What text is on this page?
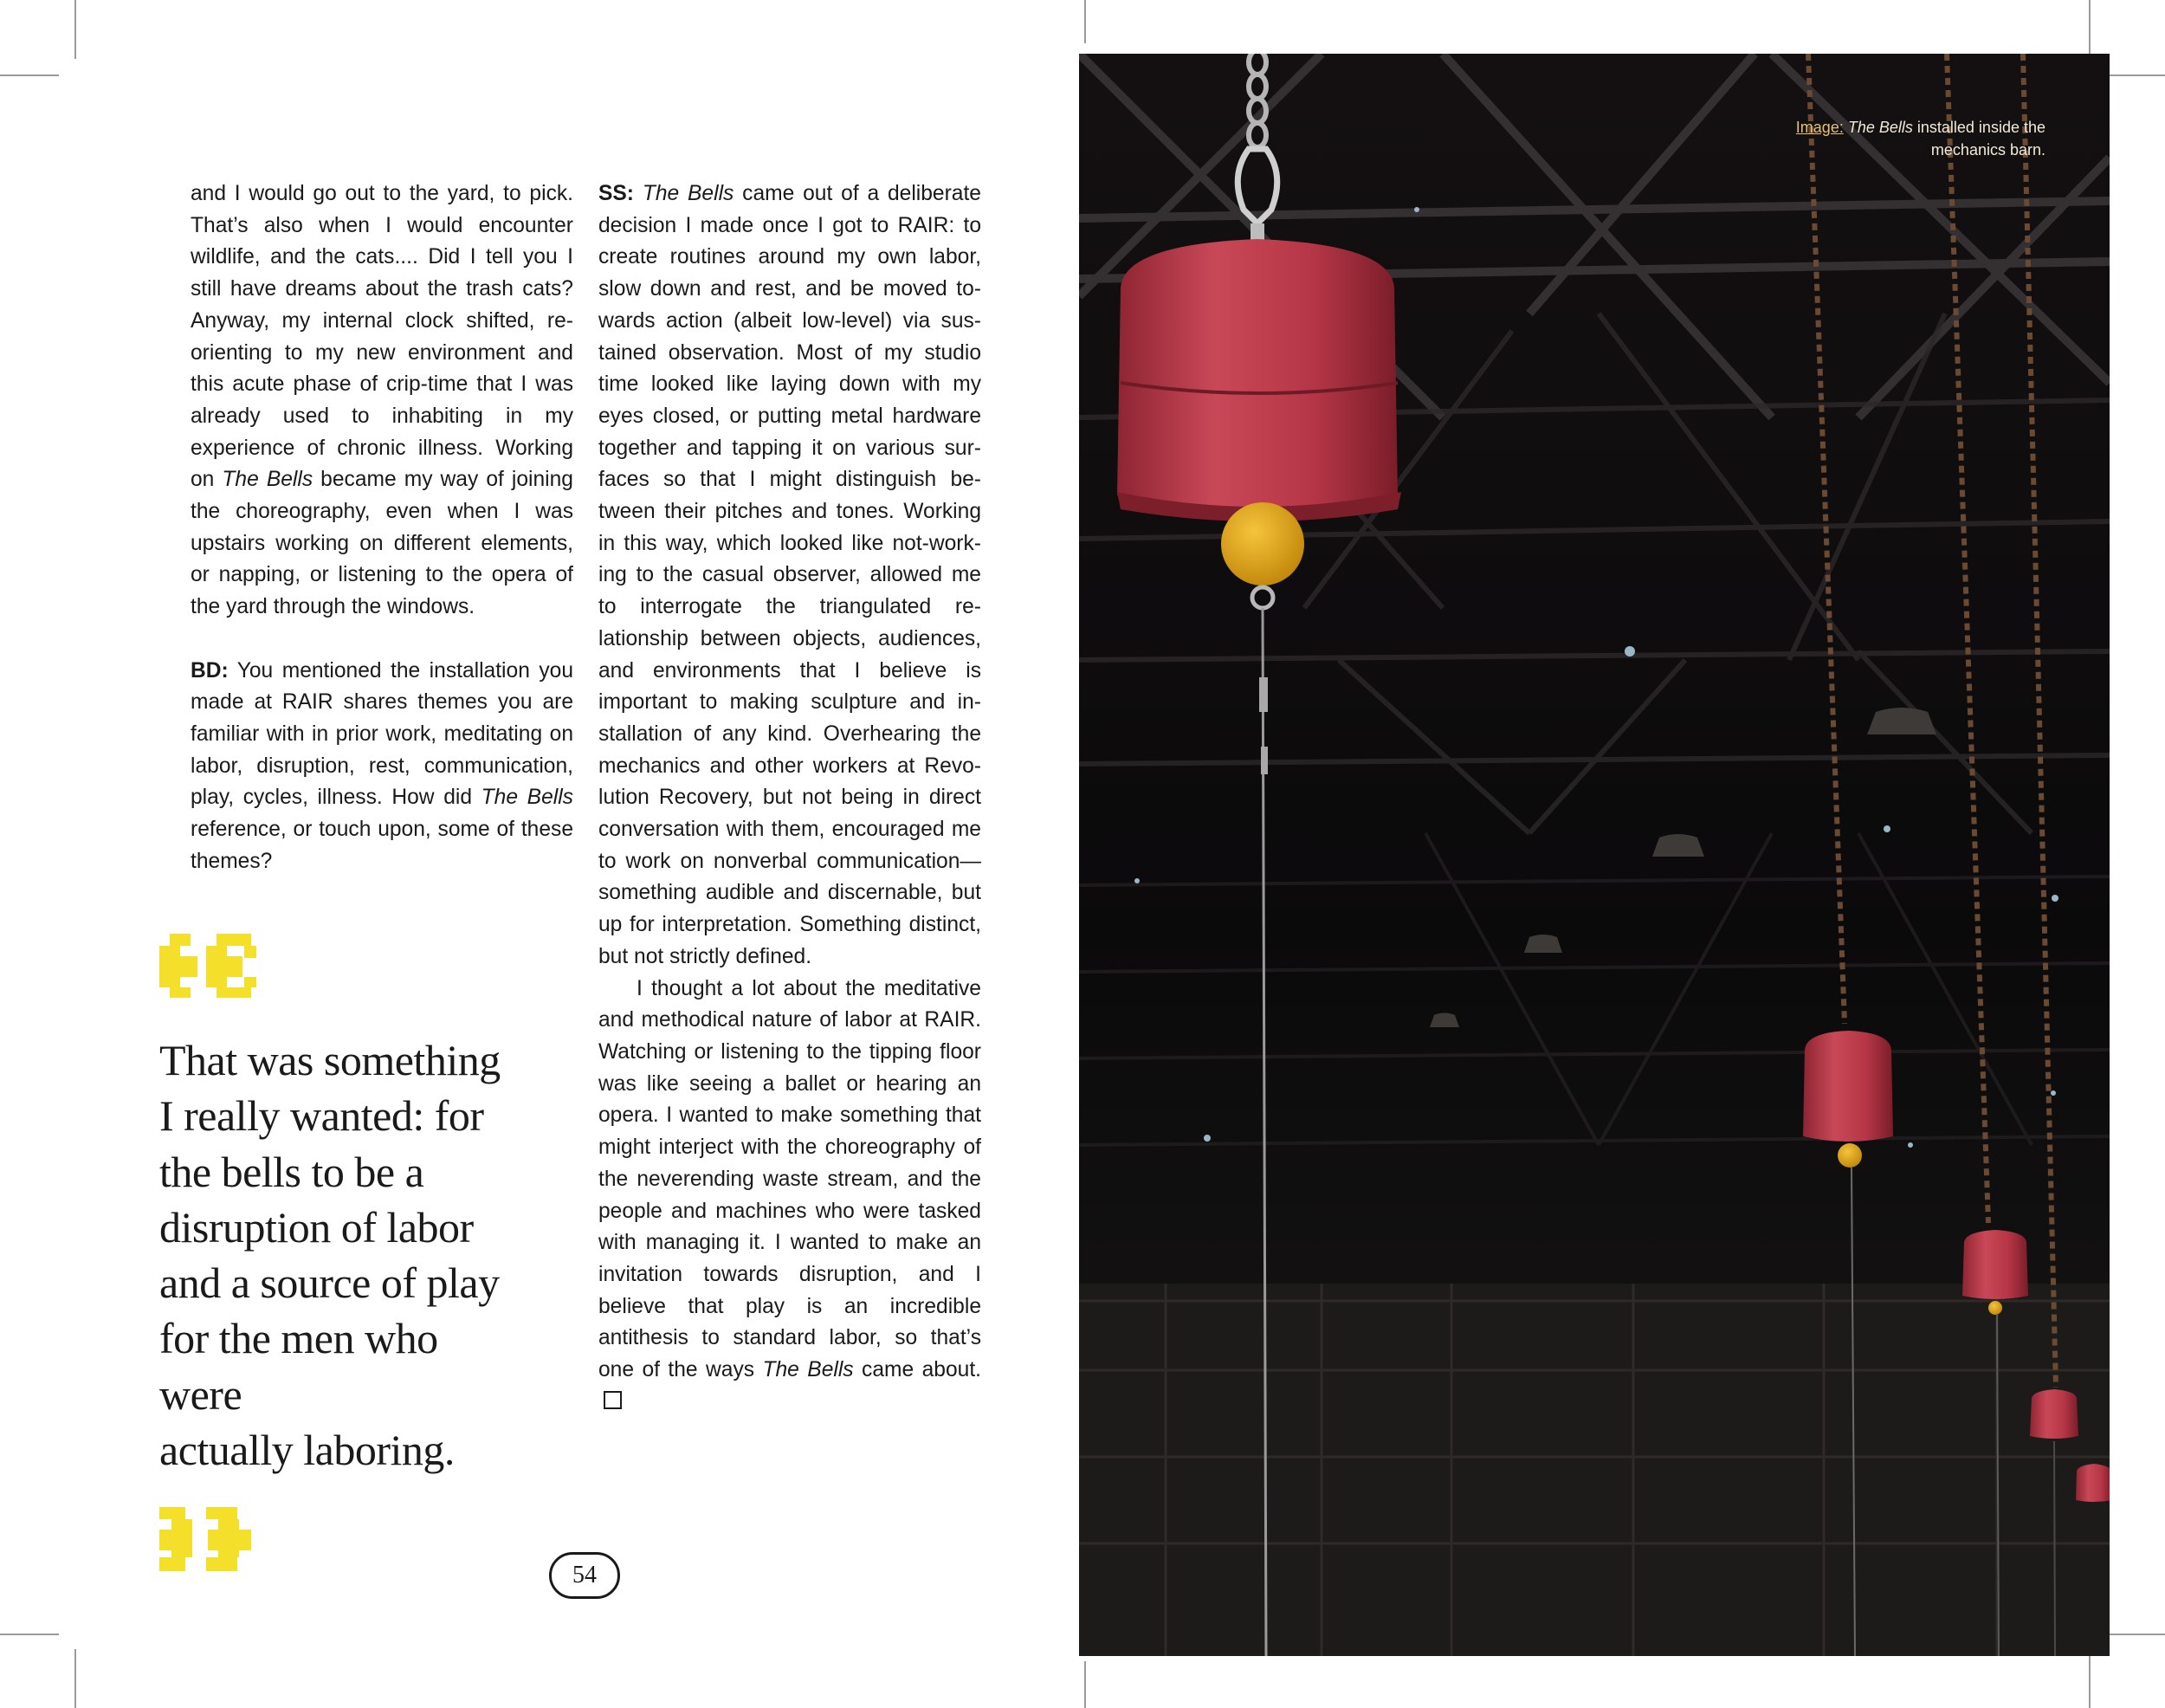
and I would go out to the yard, to pick. That’s also when I would encounter wildlife, and the cats.... Did I tell you I still have dreams about the trash cats? Anyway, my internal clock shifted, reorienting to my new environment and this acute phase of crip-time that I was already used to inhabiting in my experience of chronic illness. Working on The Bells became my way of joining the choreography, even when I was upstairs working on different elements, or napping, or listening to the opera of the yard through the windows.

BD: You mentioned the installation you made at RAIR shares themes you are familiar with in prior work, meditating on labor, disruption, rest, communication, play, cycles, illness. How did The Bells reference, or touch upon, some of these themes?

SS: The Bells came out of a deliberate decision I made once I got to RAIR: to create routines around my own labor, slow down and rest, and be moved towards action (albeit low-level) via sustained observation. Most of my studio time looked like laying down with my eyes closed, or putting metal hardware together and tapping it on various surfaces so that I might distinguish between their pitches and tones. Working in this way, which looked like not-working to the casual observer, allowed me to interrogate the triangulated relationship between objects, audiences, and environments that I believe is important to making sculpture and installation of any kind. Overhearing the mechanics and other workers at Revolution Recovery, but not being in direct conversation with them, encouraged me to work on nonverbal communication—something audible and discernable, but up for interpretation. Something distinct, but not strictly defined.

I thought a lot about the meditative and methodical nature of labor at RAIR. Watching or listening to the tipping floor was like seeing a ballet or hearing an opera. I wanted to make something that might interject with the choreography of the neverending waste stream, and the people and machines who were tasked with managing it. I wanted to make an invitation towards disruption, and I believe that play is an incredible antithesis to standard labor, so that’s one of the ways The Bells came about.

That was something
I really wanted: for
the bells to be a
disruption of labor
and a source of play
for the men who were
actually laboring.
54
Image: The Bells installed inside the
mechanics barn.
